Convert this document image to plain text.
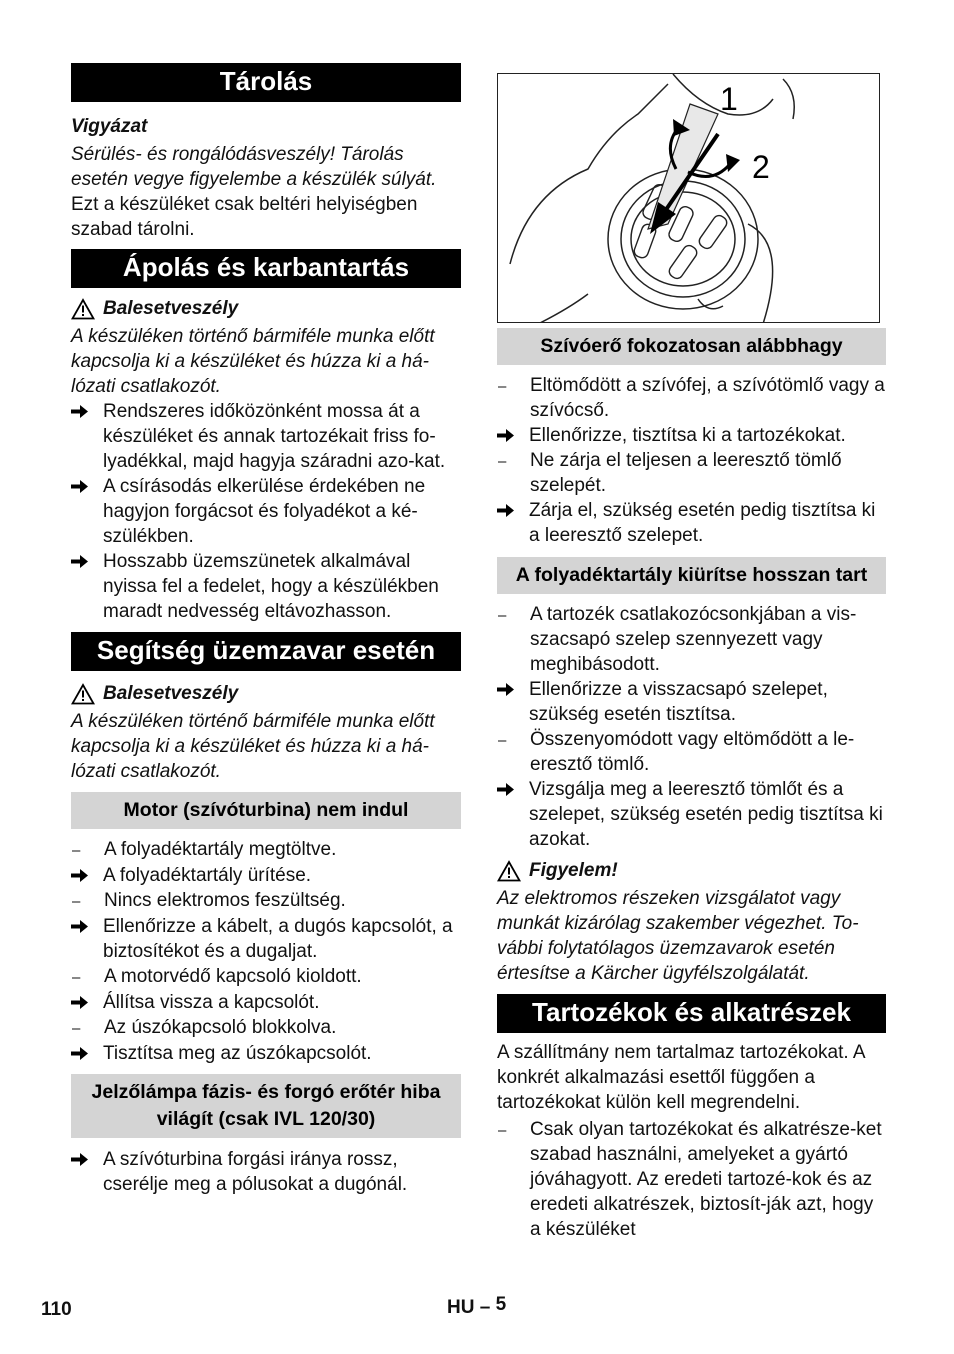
Tárolás

Vigyázat

Sérülés- és rongálódásveszély! Tárolás esetén vegye figyelembe a készülék súlyát.

Ezt a készüléket csak beltéri helyiségben szabad tárolni.

Ápolás és karbantartás
Balesetveszély

A készüléken történő bármiféle munka előtt kapcsolja ki a készüléket és húzza ki a há-lózati csatlakozót.

Rendszeres időközönként mossa át a készüléket és annak tartozékait friss fo-lyadékkal, majd hagyja száradni azo-kat.
A csírásodás elkerülése érdekében ne hagyjon forgácsot és folyadékot a ké-szülékben.
Hosszabb üzemszünetek alkalmával nyissa fel a fedelet, hogy a készülékben maradt nedvesség eltávozhasson.
Segítség üzemzavar esetén
Balesetveszély

A készüléken történő bármiféle munka előtt kapcsolja ki a készüléket és húzza ki a há-lózati csatlakozót.

Motor (szívóturbina) nem indul
–	A folyadéktartály megtöltve.
A folyadéktartály ürítése.
–	Nincs elektromos feszültség.
Ellenőrizze a kábelt, a dugós kapcsolót, a biztosítékot és a dugaljat.
–	A motorvédő kapcsoló kioldott.
Állítsa vissza a kapcsolót.
–	Az úszókapcsoló blokkolva.
Tisztítsa meg az úszókapcsolót.
Jelzőlámpa fázis- és forgó erőtér hiba világít (csak IVL 120/30)
A szívóturbina forgási iránya rossz, cserélje meg a pólusokat a dugónál.
1
2
Szívóerő fokozatosan alábbhagy
–	Eltömődött a szívófej, a szívótömlő vagy a szívócső.
Ellenőrizze, tisztítsa ki a tartozékokat.
–	Ne zárja el teljesen a leeresztő tömlő szelepét.
Zárja el, szükség esetén pedig tisztítsa ki a leeresztő szelepet.
A folyadéktartály kiürítse hosszan tart
–	A tartozék csatlakozócsonkjában a vis-szacsapó szelep szennyezett vagy meghibásodott.
Ellenőrizze a visszacsapó szelepet, szükség esetén tisztítsa.
–	Összenyomódott vagy eltömődött a le-eresztő tömlő.
Vizsgálja meg a leeresztő tömlőt és a szelepet, szükség esetén pedig tisztítsa ki azokat.
Figyelem!

Az elektromos részeken vizsgálatot vagy munkát kizárólag szakember végezhet. To-vábbi folytatólagos üzemzavarok esetén értesítse a Kärcher ügyfélszolgálatát.

Tartozékok és alkatrészek

A szállítmány nem tartalmaz tartozékokat. A konkrét alkalmazási esettől függően a tartozékokat külön kell megrendelni.

–	Csak olyan tartozékokat és alkatrésze-ket szabad használni, amelyeket a gyártó jóváhagyott. Az eredeti tartozé-kok és az eredeti alkatrészek, biztosít-ják azt, hogy a készüléket
110	HU – 5
